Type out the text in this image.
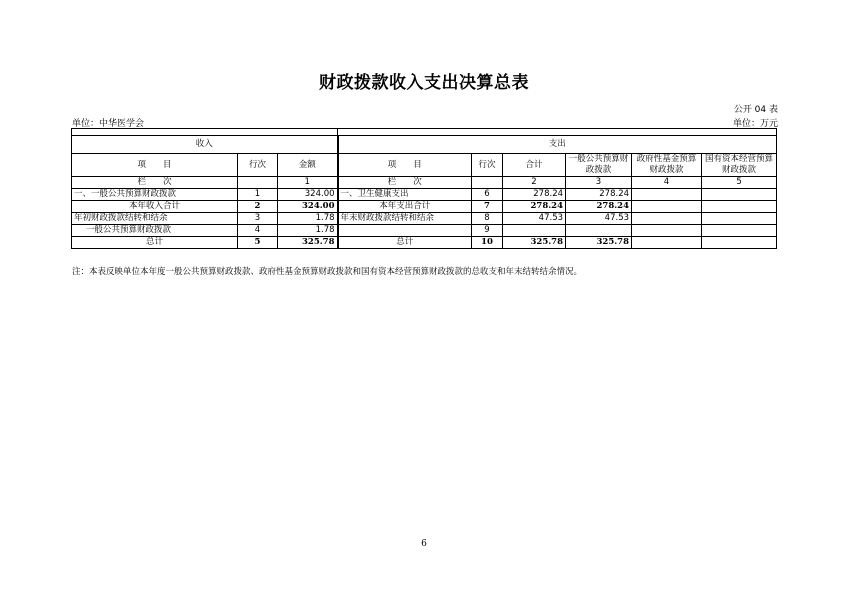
财政拨款收入支出决算总表
公开 04 表
单位：中华医学会	单位：万元

收入			支出					
项　　目	行次	金额	项　　目	行次	合计	一般公共预算财政拨款	政府性基金预算财政拨款	国有资本经营预算财政拨款
栏　　次		1	栏　　次		2	3	4	5
一、一般公共预算财政拨款	1	324.00	一、卫生健康支出	6	278.24	278.24		
本年收入合计	2	324.00	本年支出合计	7	278.24	278.24		
年初财政拨款结转和结余	3	1.78	年末财政拨款结转和结余	8	47.53	47.53		
一般公共预算财政拨款	4	1.78		9				
总计	5	325.78	总计	10	325.78	325.78		
注：本表反映单位本年度一般公共预算财政拨款、政府性基金预算财政拨款和国有资本经营预算财政拨款的总收支和年末结转结余情况。
6
